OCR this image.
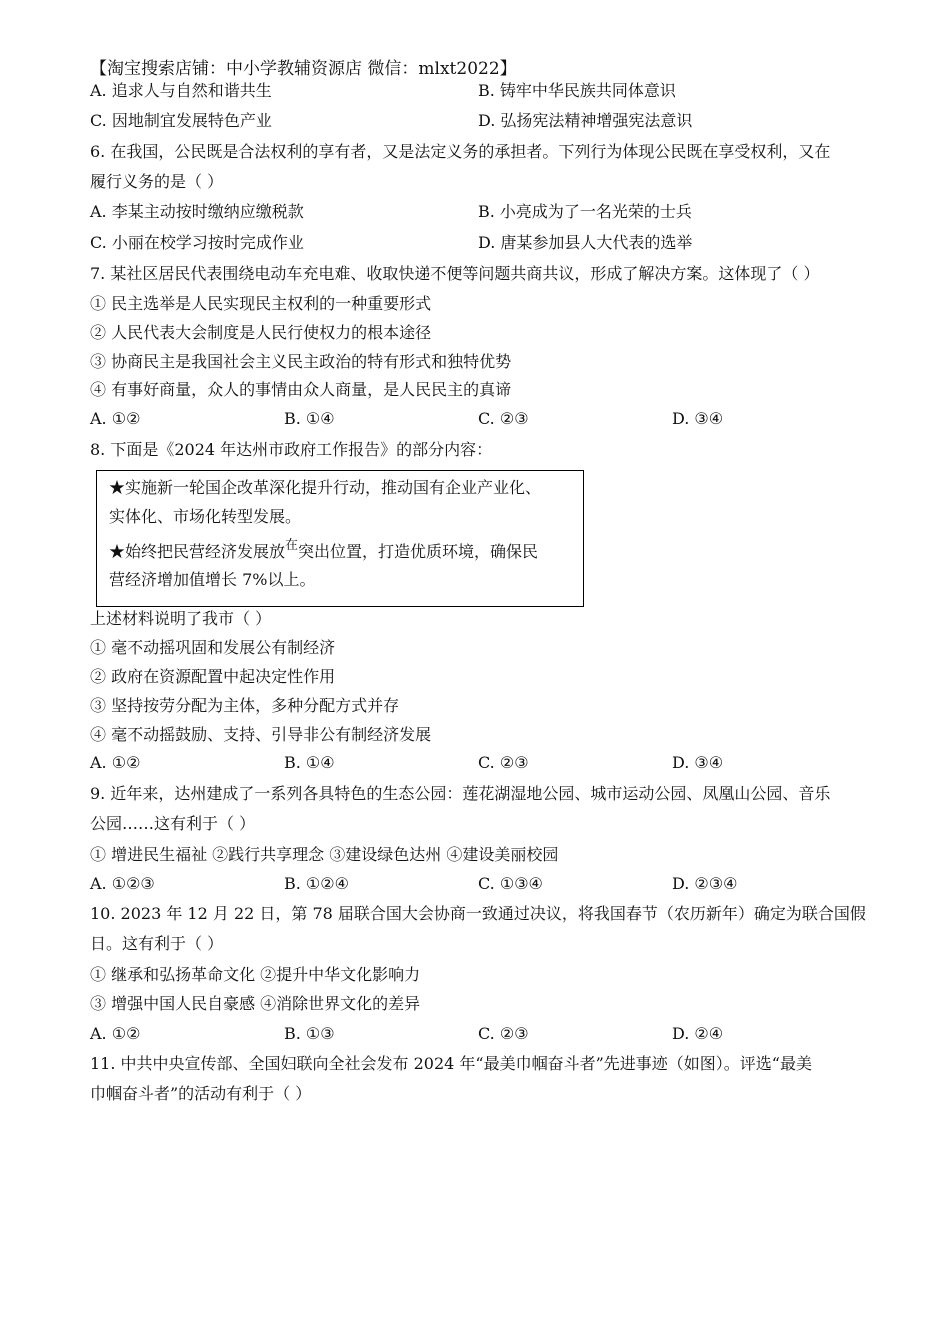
【淘宝搜索店铺：中小学教辅资源店 微信：mlxt2022】
A. 追求人与自然和谐共生	B. 铸牢中华民族共同体意识
C. 因地制宜发展特色产业	D. 弘扬宪法精神增强宪法意识
6. 在我国，公民既是合法权利的享有者，又是法定义务的承担者。下列行为体现公民既在享受权利，又在
履行义务的是（ ）
A. 李某主动按时缴纳应缴税款	B. 小亮成为了一名光荣的士兵
C. 小丽在校学习按时完成作业	D. 唐某参加县人大代表的选举
7. 某社区居民代表围绕电动车充电难、收取快递不便等问题共商共议，形成了解决方案。这体现了（ ）
① 民主选举是人民实现民主权利的一种重要形式
② 人民代表大会制度是人民行使权力的根本途径
③ 协商民主是我国社会主义民主政治的特有形式和独特优势
④ 有事好商量，众人的事情由众人商量，是人民民主的真谛
A. ①②	B. ①④	C. ②③	D. ③④
8. 下面是《2024 年达州市政府工作报告》的部分内容：
★实施新一轮国企改革深化提升行动，推动国有企业产业化、
实体化、市场化转型发展。
★始终把民营经济发展放$^在$突出位置，打造优质环境，确保民
营经济增加值增长 7%以上。
上述材料说明了我市（ ）
① 毫不动摇巩固和发展公有制经济
② 政府在资源配置中起决定性作用
③ 坚持按劳分配为主体，多种分配方式并存
④ 毫不动摇鼓励、支持、引导非公有制经济发展
A. ①②	B. ①④	C. ②③	D. ③④
9. 近年来，达州建成了一系列各具特色的生态公园：莲花湖湿地公园、城市运动公园、凤凰山公园、音乐
公园……这有利于（ ）
① 增进民生福祉 ②践行共享理念 ③建设绿色达州 ④建设美丽校园
A. ①②③	B. ①②④	C. ①③④	D. ②③④
10. 2023 年 12 月 22 日，第 78 届联合国大会协商一致通过决议，将我国春节（农历新年）确定为联合国假
日。这有利于（ ）
① 继承和弘扬革命文化 ②提升中华文化影响力
③ 增强中国人民自豪感 ④消除世界文化的差异
A. ①②	B. ①③	C. ②③	D. ②④
11. 中共中央宣传部、全国妇联向全社会发布 2024 年“最美巾帼奋斗者”先进事迹（如图）。评选“最美
巾帼奋斗者”的活动有利于（ ）
